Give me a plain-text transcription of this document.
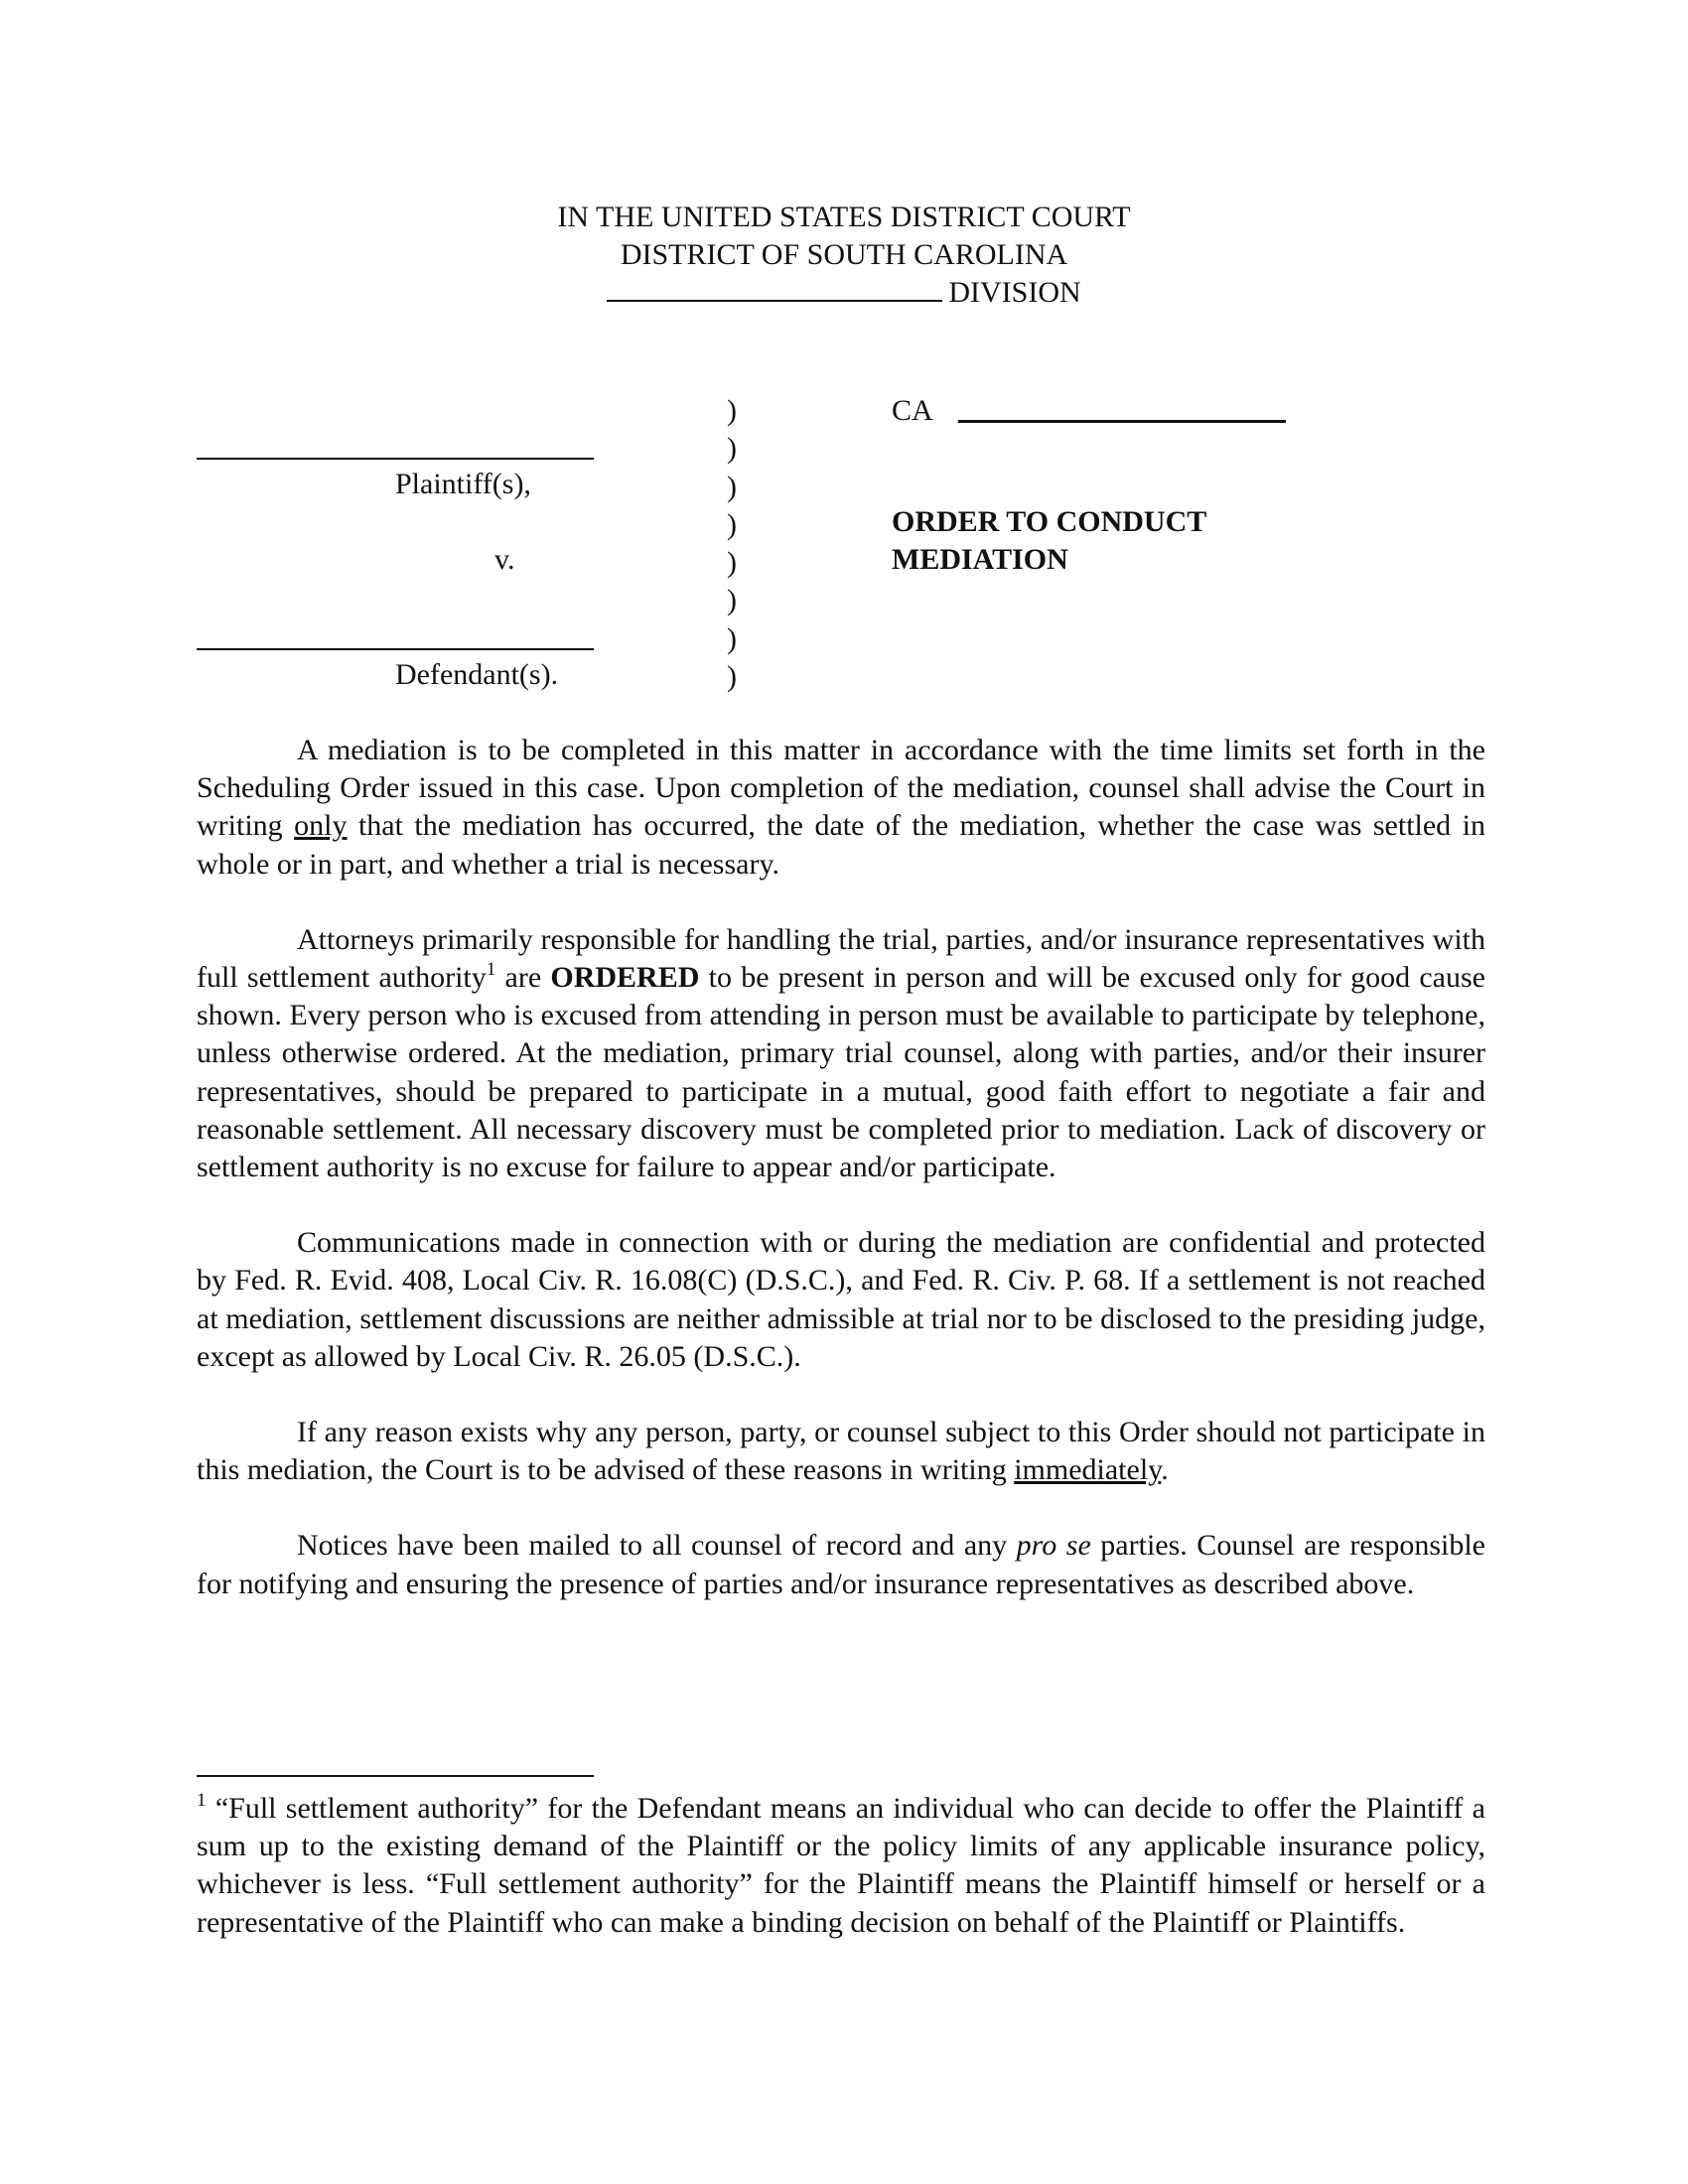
IN THE UNITED STATES DISTRICT COURT
DISTRICT OF SOUTH CAROLINA
DIVISION
Plaintiff(s),
v.
Defendant(s).
)
)
)
)
)
)
)
)
CA
ORDER TO CONDUCT
MEDIATION

A mediation is to be completed in this matter in accordance with the time limits set forth in the Scheduling Order issued in this case. Upon completion of the mediation, counsel shall advise the Court in writing only that the mediation has occurred, the date of the mediation, whether the case was settled in whole or in part, and whether a trial is necessary.

Attorneys primarily responsible for handling the trial, parties, and/or insurance representatives with full settlement authority$^1$ are ORDERED to be present in person and will be excused only for good cause shown. Every person who is excused from attending in person must be available to participate by telephone, unless otherwise ordered. At the mediation, primary trial counsel, along with parties, and/or their insurer representatives, should be prepared to participate in a mutual, good faith effort to negotiate a fair and reasonable settlement. All necessary discovery must be completed prior to mediation. Lack of discovery or settlement authority is no excuse for failure to appear and/or participate.

Communications made in connection with or during the mediation are confidential and protected by Fed. R. Evid. 408, Local Civ. R. 16.08(C) (D.S.C.), and Fed. R. Civ. P. 68. If a settlement is not reached at mediation, settlement discussions are neither admissible at trial nor to be disclosed to the presiding judge, except as allowed by Local Civ. R. 26.05 (D.S.C.).

If any reason exists why any person, party, or counsel subject to this Order should not participate in this mediation, the Court is to be advised of these reasons in writing immediately.

Notices have been mailed to all counsel of record and any pro se parties. Counsel are responsible for notifying and ensuring the presence of parties and/or insurance representatives as described above.

$^1$ “Full settlement authority” for the Defendant means an individual who can decide to offer the Plaintiff a sum up to the existing demand of the Plaintiff or the policy limits of any applicable insurance policy, whichever is less. “Full settlement authority” for the Plaintiff means the Plaintiff himself or herself or a representative of the Plaintiff who can make a binding decision on behalf of the Plaintiff or Plaintiffs.
